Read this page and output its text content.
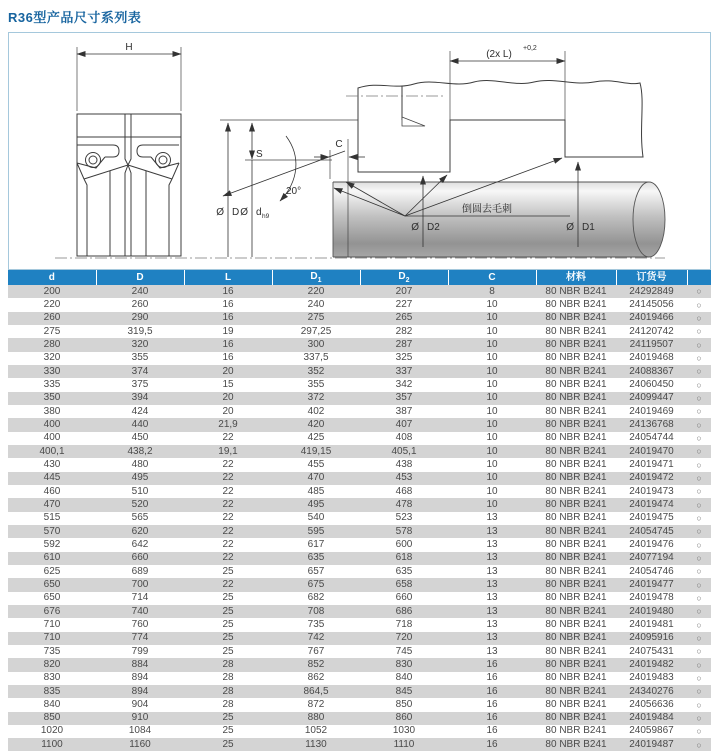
R36型产品尺寸系列表
H
(2x L)
+0,2
S
Ø D Ø d h9
C
20°
倒圆去毛刺
Ø D2	Ø D1
d	D	L	$D_1$	$D_2$	C	材料	订货号	
200	240	16	220	207	8	80 NBR B241	24292849	○
220	260	16	240	227	10	80 NBR B241	24145056	○
260	290	16	275	265	10	80 NBR B241	24019466	○
275	319,5	19	297,25	282	10	80 NBR B241	24120742	○
280	320	16	300	287	10	80 NBR B241	24119507	○
320	355	16	337,5	325	10	80 NBR B241	24019468	○
330	374	20	352	337	10	80 NBR B241	24088367	○
335	375	15	355	342	10	80 NBR B241	24060450	○
350	394	20	372	357	10	80 NBR B241	24099447	○
380	424	20	402	387	10	80 NBR B241	24019469	○
400	440	21,9	420	407	10	80 NBR B241	24136768	○
400	450	22	425	408	10	80 NBR B241	24054744	○
400,1	438,2	19,1	419,15	405,1	10	80 NBR B241	24019470	○
430	480	22	455	438	10	80 NBR B241	24019471	○
445	495	22	470	453	10	80 NBR B241	24019472	○
460	510	22	485	468	10	80 NBR B241	24019473	○
470	520	22	495	478	10	80 NBR B241	24019474	○
515	565	22	540	523	13	80 NBR B241	24019475	○
570	620	22	595	578	13	80 NBR B241	24054745	○
592	642	22	617	600	13	80 NBR B241	24019476	○
610	660	22	635	618	13	80 NBR B241	24077194	○
625	689	25	657	635	13	80 NBR B241	24054746	○
650	700	22	675	658	13	80 NBR B241	24019477	○
650	714	25	682	660	13	80 NBR B241	24019478	○
676	740	25	708	686	13	80 NBR B241	24019480	○
710	760	25	735	718	13	80 NBR B241	24019481	○
710	774	25	742	720	13	80 NBR B241	24095916	○
735	799	25	767	745	13	80 NBR B241	24075431	○
820	884	28	852	830	16	80 NBR B241	24019482	○
830	894	28	862	840	16	80 NBR B241	24019483	○
835	894	28	864,5	845	16	80 NBR B241	24340276	○
840	904	28	872	850	16	80 NBR B241	24056636	○
850	910	25	880	860	16	80 NBR B241	24019484	○
1020	1084	25	1052	1030	16	80 NBR B241	24059867	○
1100	1160	25	1130	1110	16	80 NBR B241	24019487	○
